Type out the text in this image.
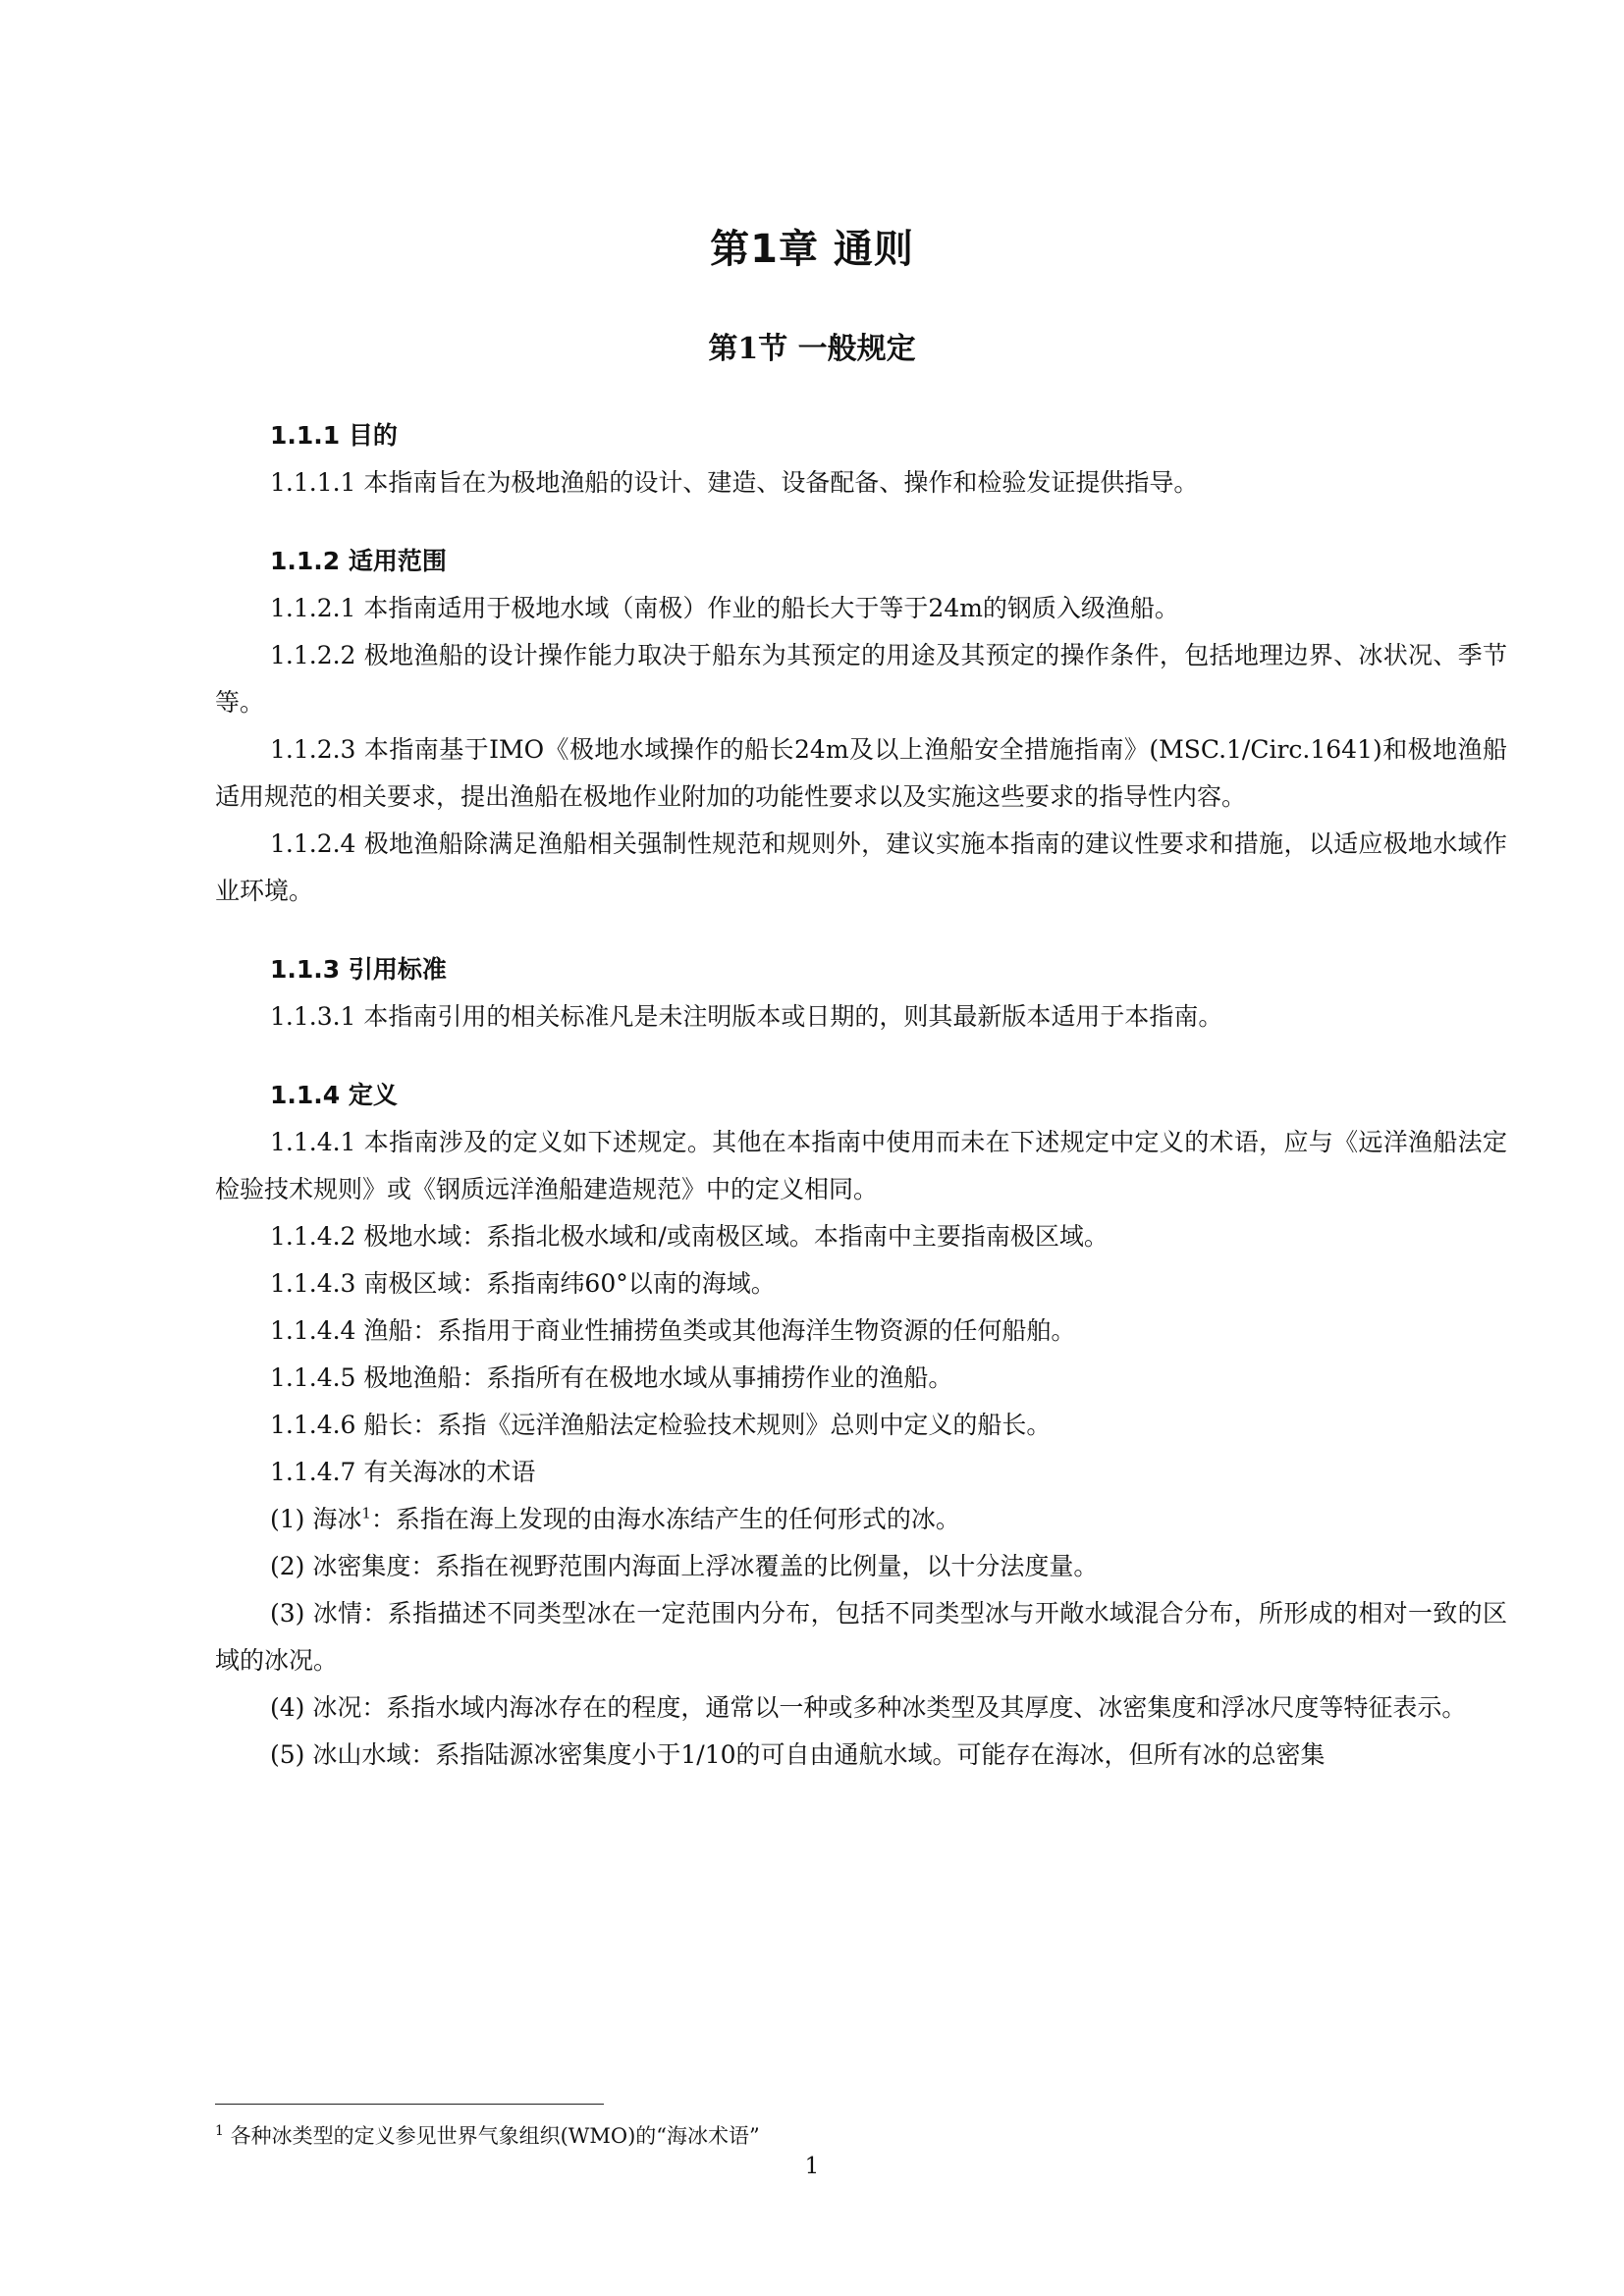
第1章 通则
第1节 一般规定

1.1.1 目的

1.1.1.1 本指南旨在为极地渔船的设计、建造、设备配备、操作和检验发证提供指导。

1.1.2 适用范围

1.1.2.1 本指南适用于极地水域（南极）作业的船长大于等于24m的钢质入级渔船。

1.1.2.2 极地渔船的设计操作能力取决于船东为其预定的用途及其预定的操作条件，包括地理边界、冰状况、季节等。

1.1.2.3 本指南基于IMO《极地水域操作的船长24m及以上渔船安全措施指南》(MSC.1/Circ.1641)和极地渔船适用规范的相关要求，提出渔船在极地作业附加的功能性要求以及实施这些要求的指导性内容。

1.1.2.4 极地渔船除满足渔船相关强制性规范和规则外，建议实施本指南的建议性要求和措施，以适应极地水域作业环境。

1.1.3 引用标准

1.1.3.1 本指南引用的相关标准凡是未注明版本或日期的，则其最新版本适用于本指南。

1.1.4 定义

1.1.4.1 本指南涉及的定义如下述规定。其他在本指南中使用而未在下述规定中定义的术语，应与《远洋渔船法定检验技术规则》或《钢质远洋渔船建造规范》中的定义相同。

1.1.4.2 极地水域：系指北极水域和/或南极区域。本指南中主要指南极区域。

1.1.4.3 南极区域：系指南纬60°以南的海域。

1.1.4.4 渔船：系指用于商业性捕捞鱼类或其他海洋生物资源的任何船舶。

1.1.4.5 极地渔船：系指所有在极地水域从事捕捞作业的渔船。

1.1.4.6 船长：系指《远洋渔船法定检验技术规则》总则中定义的船长。

1.1.4.7 有关海冰的术语

(1) 海冰$^1$：系指在海上发现的由海水冻结产生的任何形式的冰。

(2) 冰密集度：系指在视野范围内海面上浮冰覆盖的比例量，以十分法度量。

(3) 冰情：系指描述不同类型冰在一定范围内分布，包括不同类型冰与开敞水域混合分布，所形成的相对一致的区域的冰况。

(4) 冰况：系指水域内海冰存在的程度，通常以一种或多种冰类型及其厚度、冰密集度和浮冰尺度等特征表示。

(5) 冰山水域：系指陆源冰密集度小于1/10的可自由通航水域。可能存在海冰，但所有冰的总密集

$^1$ 各种冰类型的定义参见世界气象组织(WMO)的“海冰术语”
1
